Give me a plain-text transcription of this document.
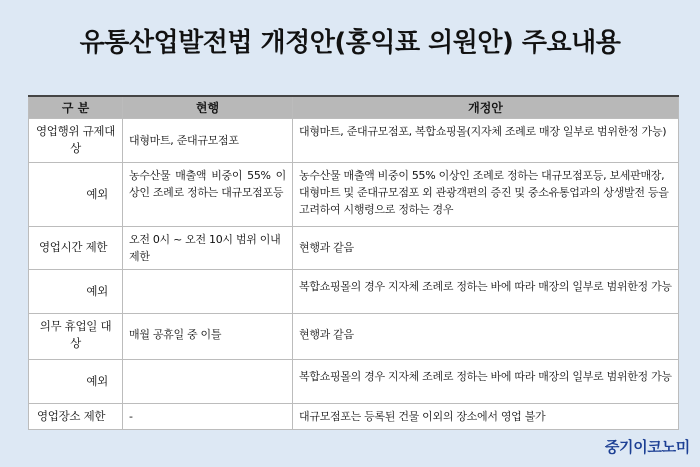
유통산업발전법 개정안(홍익표 의원안) 주요내용
구 분	현행	개정안
영업행위 규제대상	대형마트, 준대규모점포	대형마트, 준대규모점포, 복합쇼핑몰(지자체 조례로 매장 일부로 범위한정 가능)
예외	농수산물 매출액 비중이 55% 이상인 조례로 정하는 대규모점포등	농수산물 매출액 비중이 55% 이상인 조례로 정하는 대규모점포등, 보세판매장, 대형마트 및 준대규모점포 외 관광객편의 증진 및 중소유통업과의 상생발전 등을 고려하여 시행령으로 정하는 경우
영업시간 제한	오전 0시 ~ 오전 10시 범위 이내 제한	현행과 같음
예외		복합쇼핑몰의 경우 지자체 조례로 정하는 바에 따라 매장의 일부로 범위한정 가능
의무 휴업일 대상	매월 공휴일 중 이틀	현행과 같음
예외		복합쇼핑몰의 경우 지자체 조례로 정하는 바에 따라 매장의 일부로 범위한정 가능
영업장소 제한	-	대규모점포는 등록된 건물 이외의 장소에서 영업 불가
중기이코노미
